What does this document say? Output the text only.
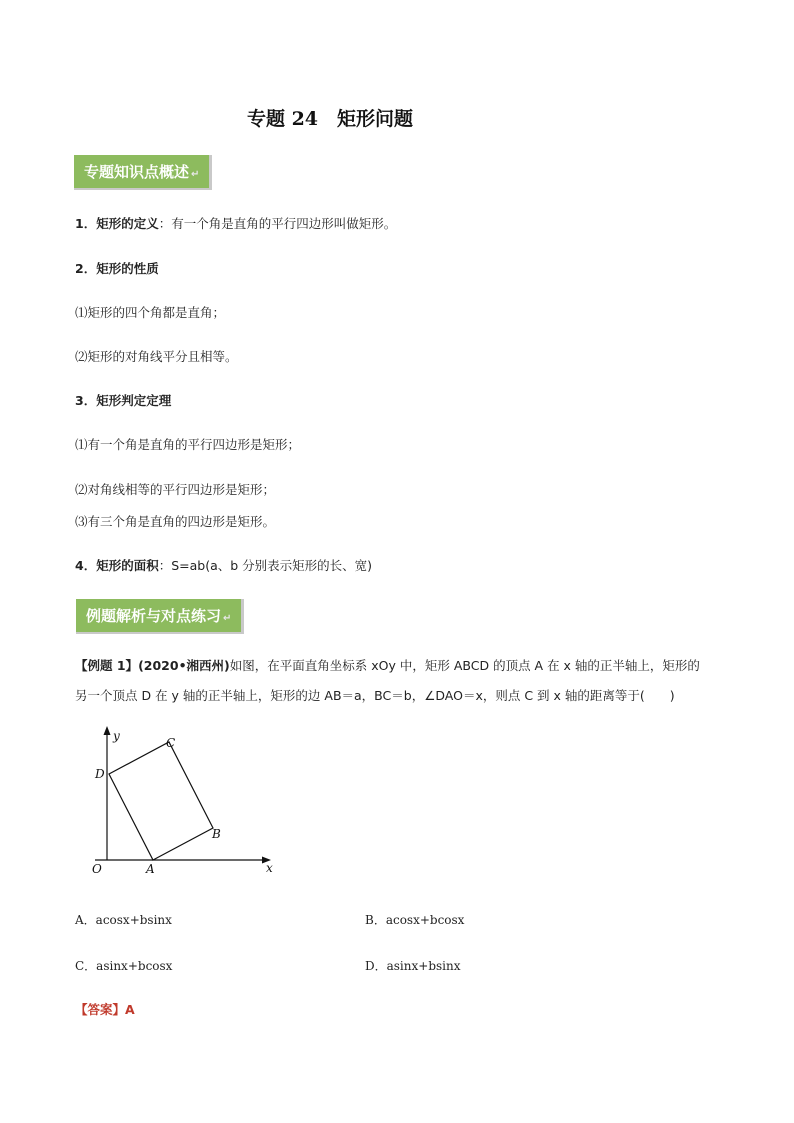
专题 24　矩形问题
专题知识点概述 ↵
1．矩形的定义：有一个角是直角的平行四边形叫做矩形。
2．矩形的性质
⑴矩形的四个角都是直角；
⑵矩形的对角线平分且相等。
3．矩形判定定理
⑴有一个角是直角的平行四边形是矩形；
⑵对角线相等的平行四边形是矩形；
⑶有三个角是直角的四边形是矩形。
4．矩形的面积：S=ab(a、b 分别表示矩形的长、宽)
例题解析与对点练习 ↵
【例题 1】(2020•湘西州)如图，在平面直角坐标系 xOy 中，矩形 ABCD 的顶点 A 在 x 轴的正半轴上，矩形的
另一个顶点 D 在 y 轴的正半轴上，矩形的边 AB＝a，BC＝b，∠DAO＝x，则点 C 到 x 轴的距离等于(　　)
y
x
O	A
B
C
D
A．acosx+bsinx	B．acosx+bcosx
C．asinx+bcosx	D．asinx+bsinx
【答案】A
